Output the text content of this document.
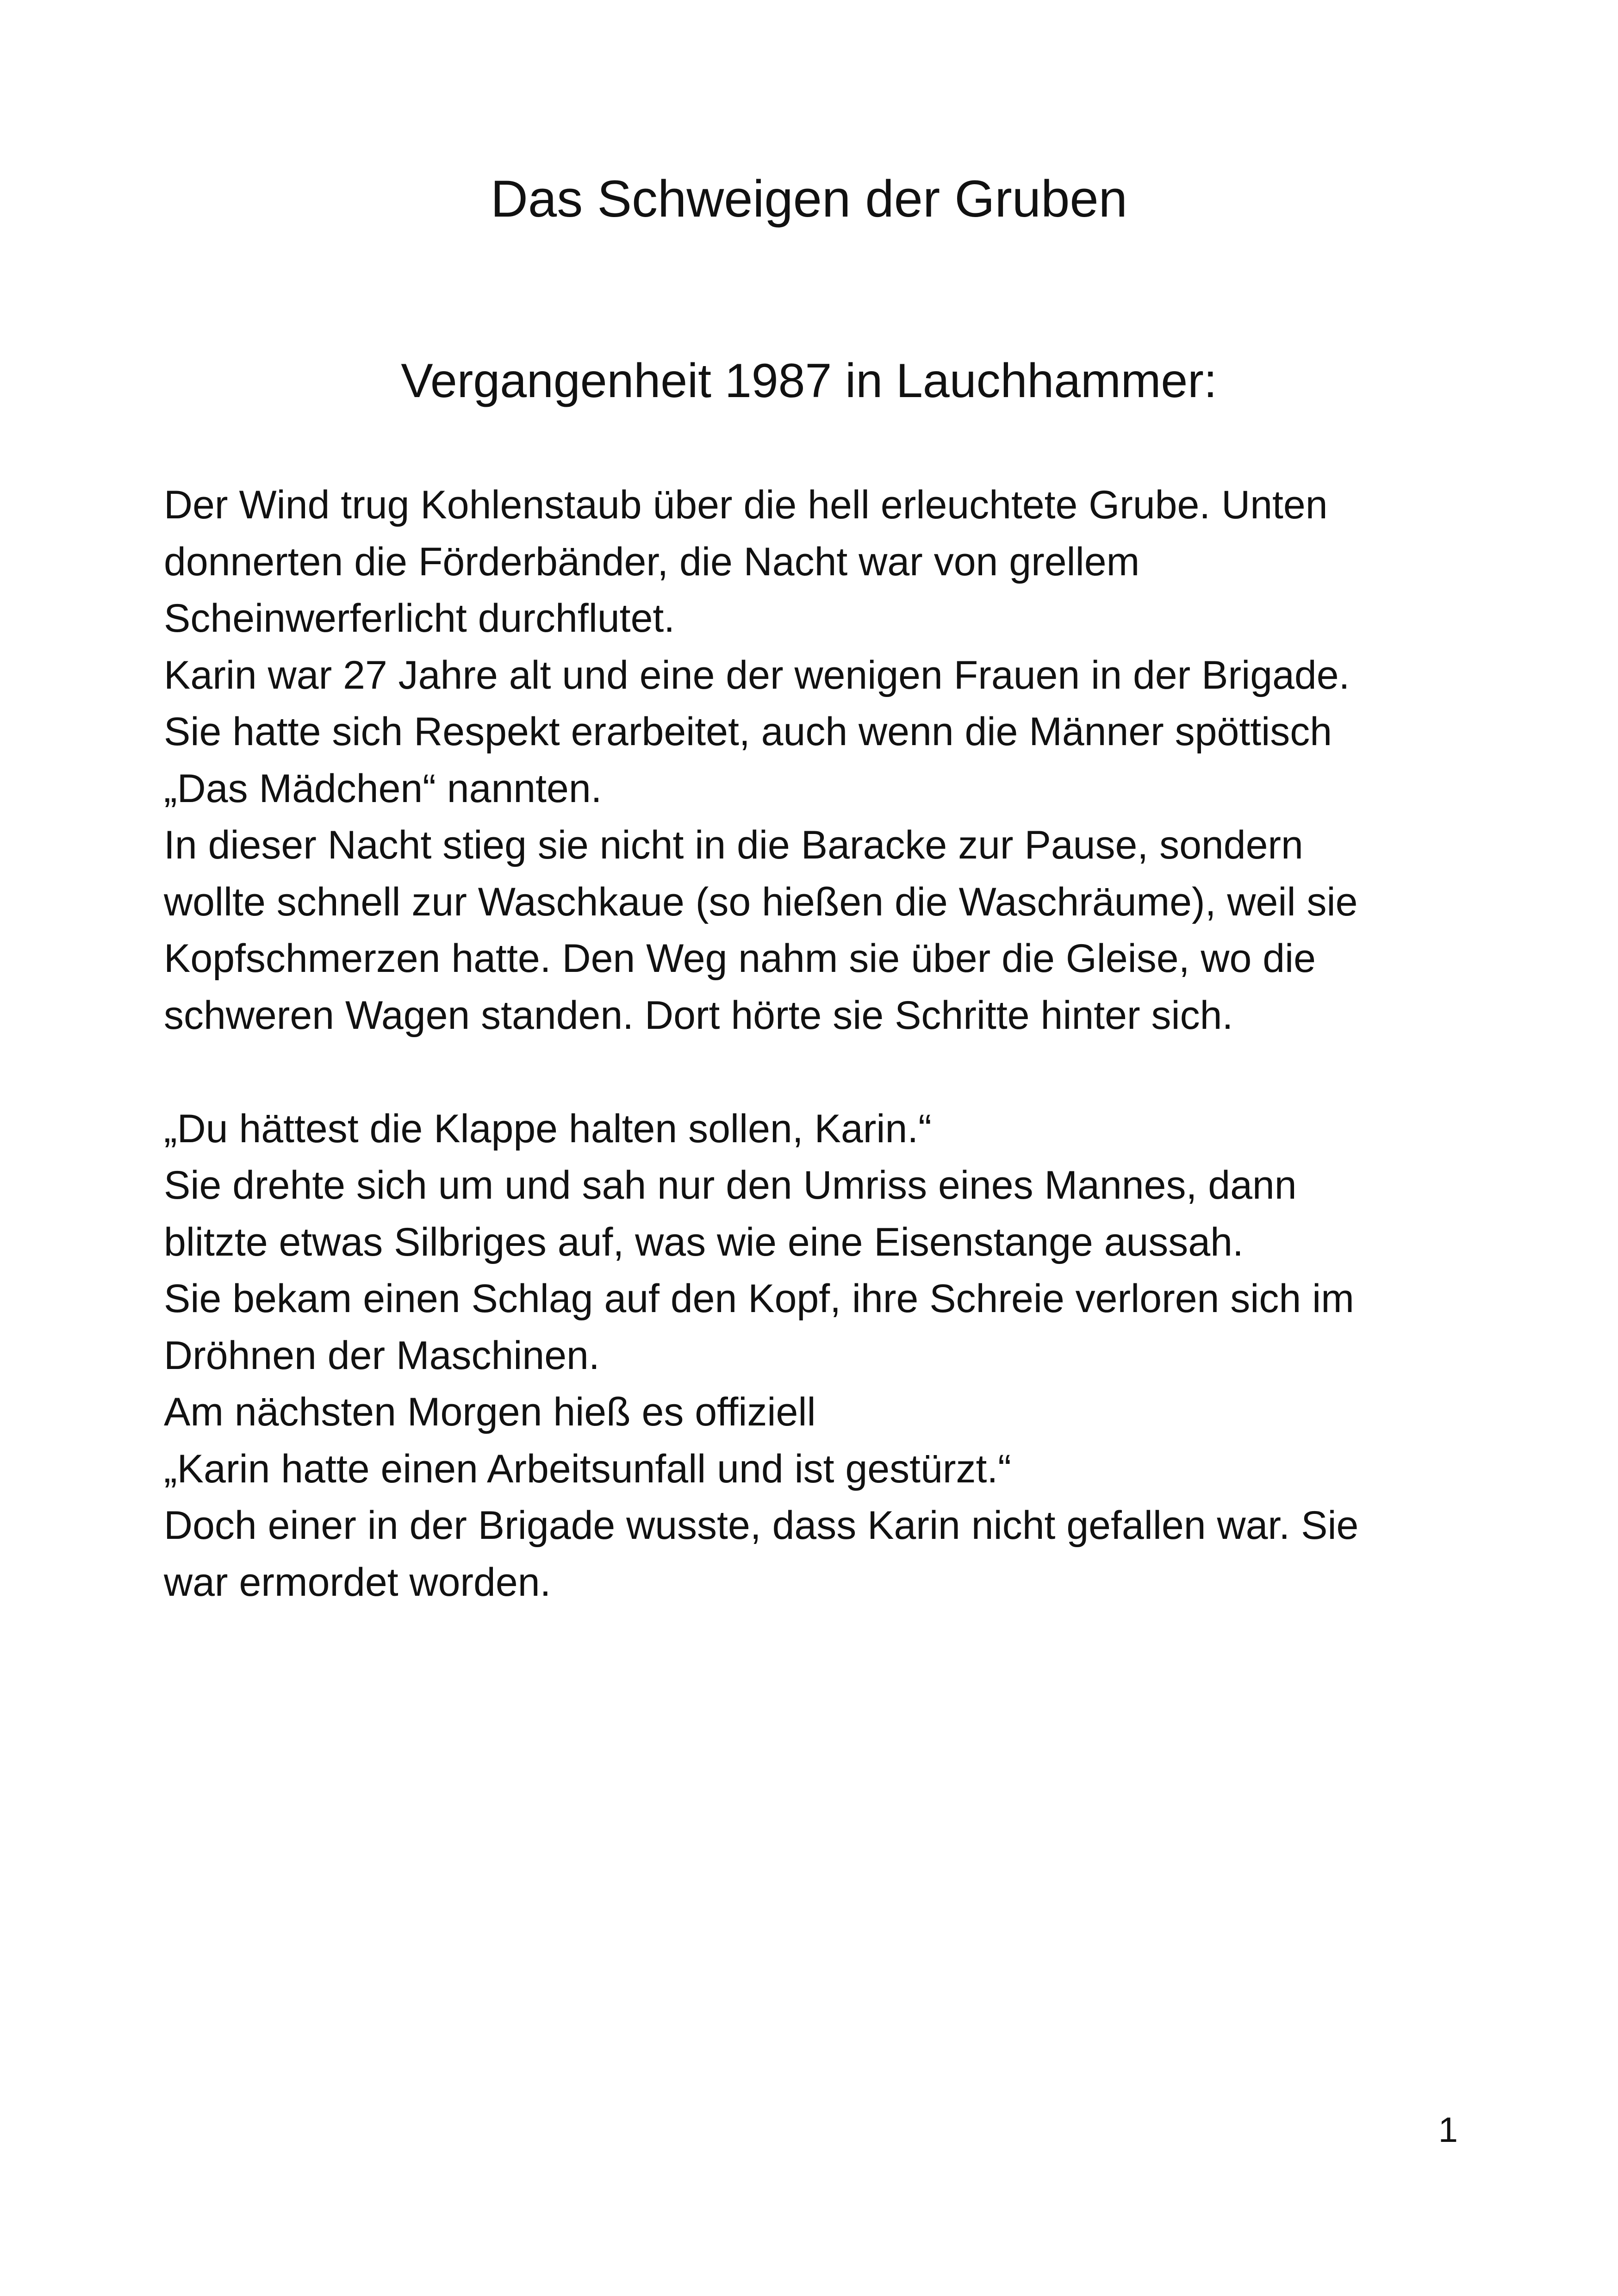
Das Schweigen der Gruben
Vergangenheit 1987 in Lauchhammer:
Der Wind trug Kohlenstaub über die hell erleuchtete Grube. Unten
donnerten die Förderbänder, die Nacht war von grellem
Scheinwerferlicht durchflutet.
Karin war 27 Jahre alt und eine der wenigen Frauen in der Brigade.
Sie hatte sich Respekt erarbeitet, auch wenn die Männer spöttisch
„Das Mädchen“ nannten.
In dieser Nacht stieg sie nicht in die Baracke zur Pause, sondern
wollte schnell zur Waschkaue (so hießen die Waschräume), weil sie
Kopfschmerzen hatte. Den Weg nahm sie über die Gleise, wo die
schweren Wagen standen. Dort hörte sie Schritte hinter sich.
„Du hättest die Klappe halten sollen, Karin.“
Sie drehte sich um und sah nur den Umriss eines Mannes, dann
blitzte etwas Silbriges auf, was wie eine Eisenstange aussah.
Sie bekam einen Schlag auf den Kopf, ihre Schreie verloren sich im
Dröhnen der Maschinen.
Am nächsten Morgen hieß es offiziell
„Karin hatte einen Arbeitsunfall und ist gestürzt.“
Doch einer in der Brigade wusste, dass Karin nicht gefallen war. Sie
war ermordet worden.
1
